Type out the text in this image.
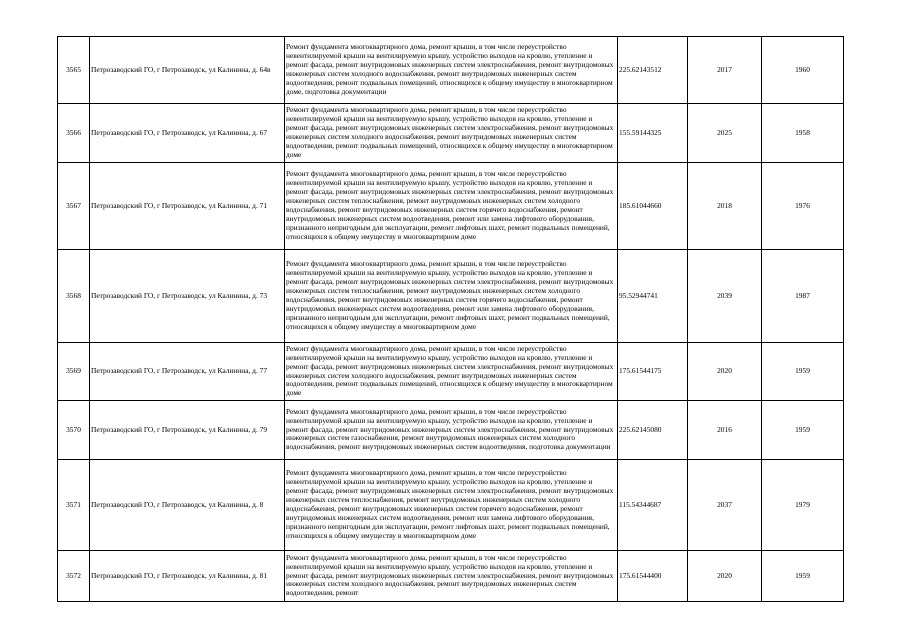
3565	Петрозаводский ГО, г Петрозаводск, ул Калинина, д. 64в	Ремонт фундамента многоквартирного дома, ремонт крыши, в том числе переустройство невентилируемой крыши на вентилируемую крышу, устройство выходов на кровлю, утепление и ремонт фасада, ремонт внутридомовых инженерных систем электроснабжения, ремонт внутридомовых инженерных систем холодного водоснабжения, ремонт внутридомовых инженерных систем водоотведения, ремонт подвальных помещений, относящихся к общему имуществу в многоквартирном доме, подготовка документации	225.62143512	2017	1960
3566	Петрозаводский ГО, г Петрозаводск, ул Калинина, д. 67	Ремонт фундамента многоквартирного дома, ремонт крыши, в том числе переустройство невентилируемой крыши на вентилируемую крышу, устройство выходов на кровлю, утепление и ремонт фасада, ремонт внутридомовых инженерных систем электроснабжения, ремонт внутридомовых инженерных систем холодного водоснабжения, ремонт внутридомовых инженерных систем водоотведения, ремонт подвальных помещений, относящихся к общему имуществу в многоквартирном доме	155.59144325	2025	1958
3567	Петрозаводский ГО, г Петрозаводск, ул Калинина, д. 71	Ремонт фундамента многоквартирного дома, ремонт крыши, в том числе переустройство невентилируемой крыши на вентилируемую крышу, устройство выходов на кровлю, утепление и ремонт фасада, ремонт внутридомовых инженерных систем электроснабжения, ремонт внутридомовых инженерных систем теплоснабжения, ремонт внутридомовых инженерных систем холодного водоснабжения, ремонт внутридомовых инженерных систем горячего водоснабжения, ремонт внутридомовых инженерных систем водоотведения, ремонт или замена лифтового оборудования, признанного непригодным для эксплуатации, ремонт лифтовых шахт, ремонт подвальных помещений, относящихся к общему имуществу в многоквартирном доме	185.61044660	2018	1976
3568	Петрозаводский ГО, г Петрозаводск, ул Калинина, д. 73	Ремонт фундамента многоквартирного дома, ремонт крыши, в том числе переустройство невентилируемой крыши на вентилируемую крышу, устройство выходов на кровлю, утепление и ремонт фасада, ремонт внутридомовых инженерных систем электроснабжения, ремонт внутридомовых инженерных систем теплоснабжения, ремонт внутридомовых инженерных систем холодного водоснабжения, ремонт внутридомовых инженерных систем горячего водоснабжения, ремонт внутридомовых инженерных систем водоотведения, ремонт или замена лифтового оборудования, признанного непригодным для эксплуатации, ремонт лифтовых шахт, ремонт подвальных помещений, относящихся к общему имуществу в многоквартирном доме	95.52944741	2039	1987
3569	Петрозаводский ГО, г Петрозаводск, ул Калинина, д. 77	Ремонт фундамента многоквартирного дома, ремонт крыши, в том числе переустройство невентилируемой крыши на вентилируемую крышу, устройство выходов на кровлю, утепление и ремонт фасада, ремонт внутридомовых инженерных систем электроснабжения, ремонт внутридомовых инженерных систем холодного водоснабжения, ремонт внутридомовых инженерных систем водоотведения, ремонт подвальных помещений, относящихся к общему имуществу в многоквартирном доме	175.61544175	2020	1959
3570	Петрозаводский ГО, г Петрозаводск, ул Калинина, д. 79	Ремонт фундамента многоквартирного дома, ремонт крыши, в том числе переустройство невентилируемой крыши на вентилируемую крышу, устройство выходов на кровлю, утепление и ремонт фасада, ремонт внутридомовых инженерных систем электроснабжения, ремонт внутридомовых инженерных систем газоснабжения, ремонт внутридомовых инженерных систем холодного водоснабжения, ремонт внутридомовых инженерных систем водоотведения, подготовка документации	225.62145080	2016	1959
3571	Петрозаводский ГО, г Петрозаводск, ул Калинина, д. 8	Ремонт фундамента многоквартирного дома, ремонт крыши, в том числе переустройство невентилируемой крыши на вентилируемую крышу, устройство выходов на кровлю, утепление и ремонт фасада, ремонт внутридомовых инженерных систем электроснабжения, ремонт внутридомовых инженерных систем теплоснабжения, ремонт внутридомовых инженерных систем холодного водоснабжения, ремонт внутридомовых инженерных систем горячего водоснабжения, ремонт внутридомовых инженерных систем водоотведения, ремонт или замена лифтового оборудования, признанного непригодным для эксплуатации, ремонт лифтовых шахт, ремонт подвальных помещений, относящихся к общему имуществу в многоквартирном доме	115.54344687	2037	1979
3572	Петрозаводский ГО, г Петрозаводск, ул Калинина, д. 81	Ремонт фундамента многоквартирного дома, ремонт крыши, в том числе переустройство невентилируемой крыши на вентилируемую крышу, устройство выходов на кровлю, утепление и ремонт фасада, ремонт внутридомовых инженерных систем электроснабжения, ремонт внутридомовых инженерных систем холодного водоснабжения, ремонт внутридомовых инженерных систем водоотведения, ремонт	175.61544400	2020	1959
